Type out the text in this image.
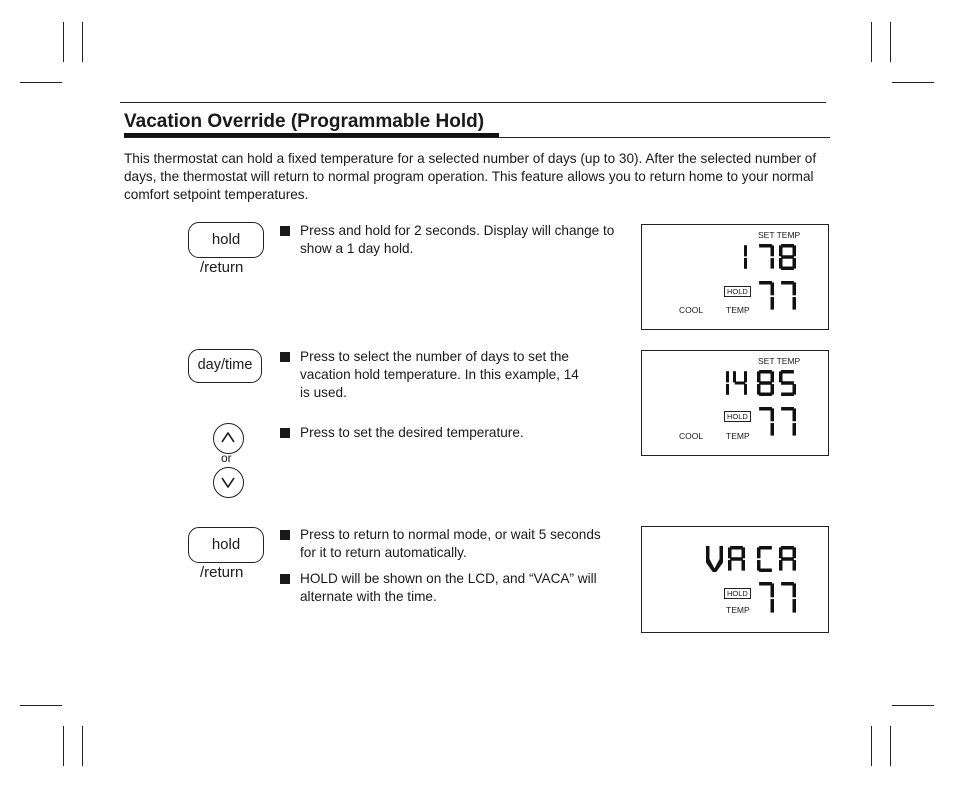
Vacation Override (Programmable Hold)
This thermostat can hold a fixed temperature for a selected number of days (up to 30). After the selected number of days, the thermostat will return to normal program operation. This feature allows you to return home to your normal comfort setpoint temperatures.
hold
/return
Press and hold for 2 seconds. Display will change to show a 1 day hold.
SET TEMP
HOLD
COOL	TEMP
day/time
Press to select the number of days to set the vacation hold temperature. In this example, 14 is used.
or
Press to set the desired temperature.
SET TEMP
HOLD
COOL	TEMP
hold
/return
Press to return to normal mode, or wait 5 seconds for it to return automatically.
HOLD will be shown on the LCD, and “VACA” will alternate with the time.	HOLD
TEMP
